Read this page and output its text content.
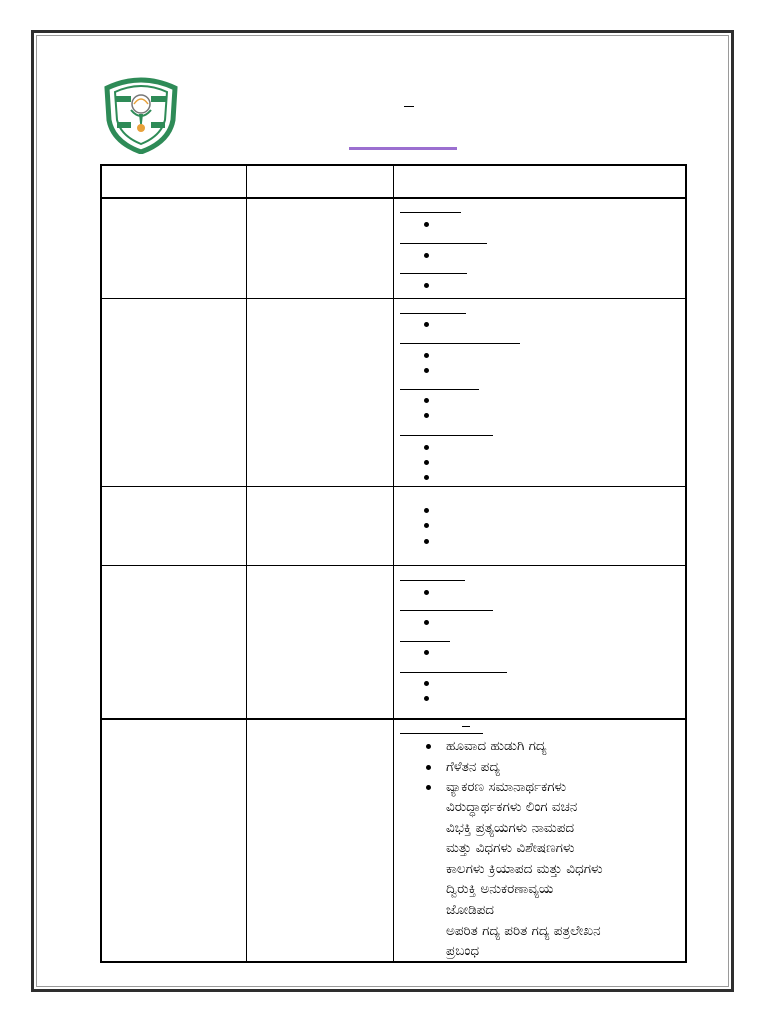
ಹೂವಾದ ಹುಡುಗಿ ಗದ್ಯ
ಗೆಳೆತನ ಪದ್ಯ
ವ್ಯಾಕರಣ ಸಮಾನಾರ್ಥಕಗಳು
ವಿರುದ್ಧಾರ್ಥಕಗಳು ಲಿಂಗ ವಚನ
ವಿಭಕ್ತಿ ಪ್ರತ್ಯಯಗಳು ನಾಮಪದ
ಮತ್ತು ವಿಧಗಳು ವಿಶೇಷಣಗಳು
ಕಾಲಗಳು ಕ್ರಿಯಾಪದ ಮತ್ತು ವಿಧಗಳು
ದ್ವಿರುಕ್ತಿ ಅನುಕರಣಾವ್ಯಯ
ಜೋಡಿಪದ
ಅಪರಿತ ಗದ್ಯ ಪರಿತ ಗದ್ಯ ಪತ್ರಲೇಖನ
ಪ್ರಬಂಧ
